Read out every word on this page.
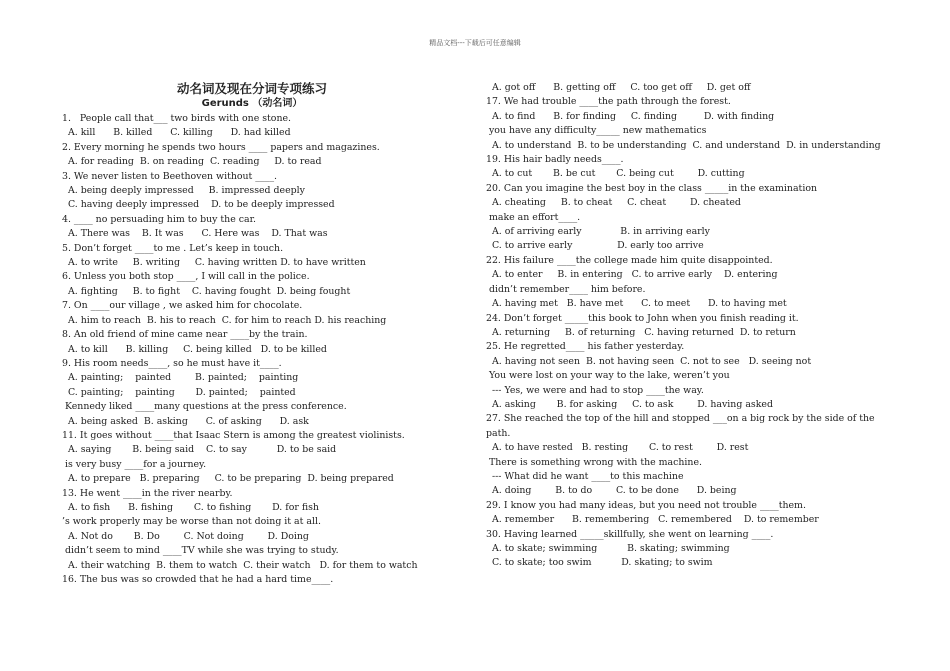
精品文档---下载后可任意编辑
动名词及现在分词专项练习
Gerunds （动名词）
1.   People call that___ two birds with one stone.
A. kill      B. killed      C. killing      D. had killed
2. Every morning he spends two hours ____ papers and magazines.
A. for reading  B. on reading  C. reading     D. to read
3. We never listen to Beethoven without ____.
A. being deeply impressed     B. impressed deeply
C. having deeply impressed    D. to be deeply impressed
4. ____ no persuading him to buy the car.
A. There was    B. It was      C. Here was    D. That was
5. Don’t forget ____to me . Let’s keep in touch.
A. to write     B. writing     C. having written D. to have written
6. Unless you both stop ____, I will call in the police.
A. fighting     B. to fight    C. having fought  D. being fought
7. On ____our village , we asked him for chocolate.
A. him to reach  B. his to reach  C. for him to reach D. his reaching
8. An old friend of mine came near ____by the train.
A. to kill      B. killing     C. being killed   D. to be killed
9. His room needs____, so he must have it____.
A. painting;    painted        B. painted;    painting
C. painting;    painting       D. painted;    painted
Kennedy liked ____many questions at the press conference.
A. being asked  B. asking      C. of asking      D. ask
11. It goes without ____that Isaac Stern is among the greatest violinists.
A. saying       B. being said    C. to say          D. to be said
is very busy ____for a journey.
A. to prepare   B. preparing     C. to be preparing  D. being prepared
13. He went ____in the river nearby.
A. to fish      B. fishing       C. to fishing       D. for fish
’s work properly may be worse than not doing it at all.
A. Not do       B. Do        C. Not doing        D. Doing
didn’t seem to mind ____TV while she was trying to study.
A. their watching  B. them to watch  C. their watch   D. for them to watch
16. The bus was so crowded that he had a hard time____.
A. got off      B. getting off     C. too get off     D. get off
17. We had trouble ____the path through the forest.
A. to find      B. for finding     C. finding         D. with finding
you have any difficulty_____ new mathematics
A. to understand  B. to be understanding  C. and understand  D. in understanding
19. His hair badly needs____.
A. to cut       B. be cut       C. being cut        D. cutting
20. Can you imagine the best boy in the class _____in the examination
A. cheating     B. to cheat     C. cheat        D. cheated
make an effort____.
A. of arriving early             B. in arriving early
C. to arrive early               D. early too arrive
22. His failure ____the college made him quite disappointed.
A. to enter     B. in entering   C. to arrive early    D. entering
didn’t remember____ him before.
A. having met   B. have met      C. to meet      D. to having met
24. Don’t forget _____this book to John when you finish reading it.
A. returning     B. of returning   C. having returned  D. to return
25. He regretted____ his father yesterday.
A. having not seen  B. not having seen  C. not to see   D. seeing not
You were lost on your way to the lake, weren’t you
--- Yes, we were and had to stop ____the way.
A. asking       B. for asking     C. to ask        D. having asked
27. She reached the top of the hill and stopped ___on a big rock by the side of the path.
A. to have rested   B. resting       C. to rest        D. rest
There is something wrong with the machine.
--- What did he want ____to this machine
A. doing        B. to do        C. to be done      D. being
29. I know you had many ideas, but you need not trouble ____them.
A. remember      B. remembering   C. remembered    D. to remember
30. Having learned _____skillfully, she went on learning ____.
A. to skate; swimming          B. skating; swimming
C. to skate; too swim          D. skating; to swim
